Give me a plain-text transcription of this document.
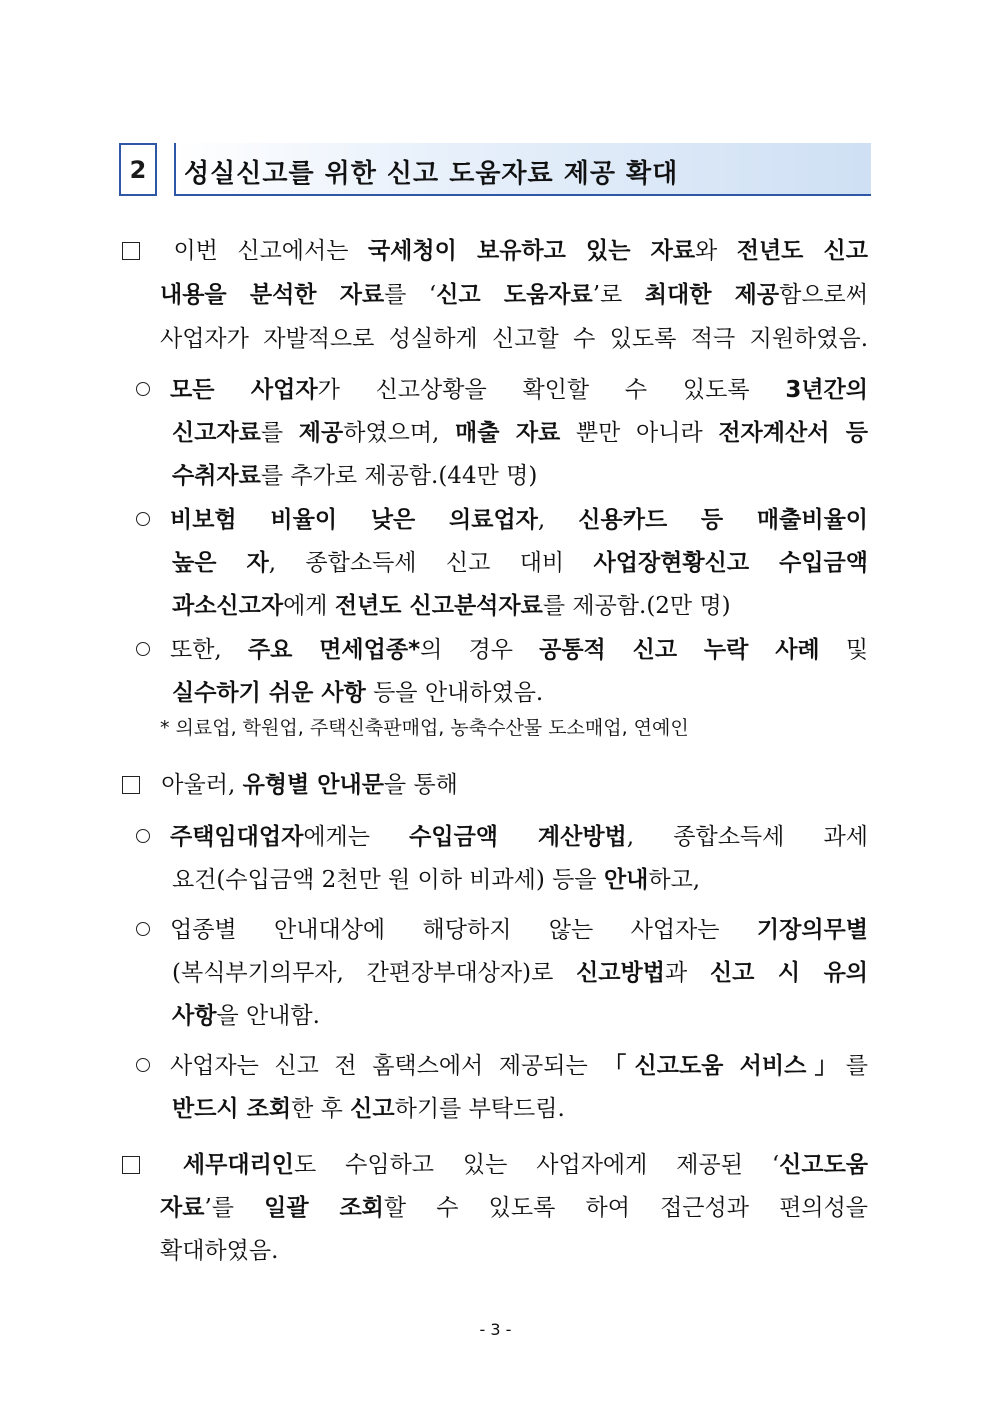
2	성실신고를 위한 신고 도움자료 제공 확대
이번 신고에서는 국세청이 보유하고 있는 자료와 전년도 신고
내용을 분석한 자료를 ‘신고 도움자료’로 최대한 제공함으로써
사업자가 자발적으로 성실하게 신고할 수 있도록 적극 지원하였음.
모든 사업자가 신고상황을 확인할 수 있도록 3년간의
신고자료를 제공하였으며, 매출 자료 뿐만 아니라 전자계산서 등
수취자료를 추가로 제공함.(44만 명)
비보험 비율이 낮은 의료업자, 신용카드 등 매출비율이
높은 자, 종합소득세 신고 대비 사업장현황신고 수입금액
과소신고자에게 전년도 신고분석자료를 제공함.(2만 명)
또한, 주요 면세업종*의 경우 공통적 신고 누락 사례 및
실수하기 쉬운 사항 등을 안내하였음.
* 의료업, 학원업, 주택신축판매업, 농축수산물 도소매업, 연예인
아울러, 유형별 안내문을 통해
주택임대업자에게는 수입금액 계산방법, 종합소득세 과세
요건(수입금액 2천만 원 이하 비과세) 등을 안내하고,
업종별 안내대상에 해당하지 않는 사업자는 기장의무별
(복식부기의무자, 간편장부대상자)로 신고방법과 신고 시 유의
사항을 안내함.
사업자는 신고 전 홈택스에서 제공되는 「신고도움 서비스」를
반드시 조회한 후 신고하기를 부탁드림.
세무대리인도 수임하고 있는 사업자에게 제공된 ‘신고도움
자료’를 일괄 조회할 수 있도록 하여 접근성과 편의성을
확대하였음.
- 3 -
